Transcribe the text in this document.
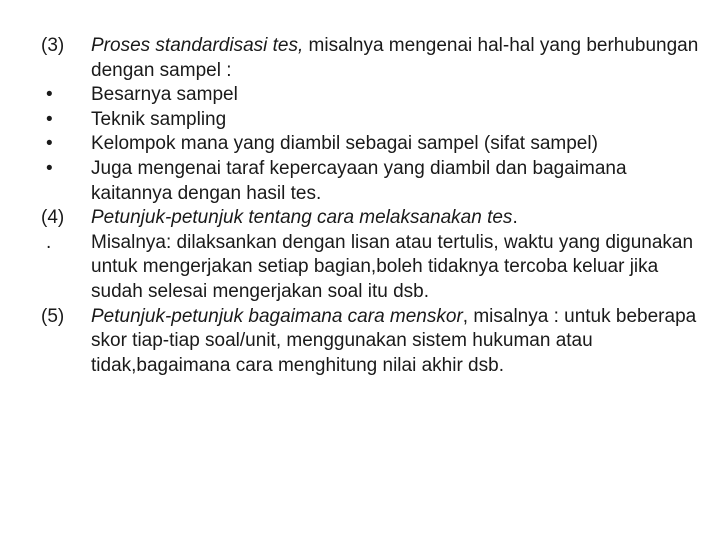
(3) Proses standardisasi tes, misalnya mengenai hal-hal yang berhubungan dengan sampel :
• Besarnya sampel
• Teknik sampling
• Kelompok mana yang diambil sebagai sampel (sifat sampel)
• Juga mengenai taraf kepercayaan yang diambil dan bagaimana kaitannya dengan hasil tes.
(4) Petunjuk-petunjuk tentang cara melaksanakan tes.
. Misalnya: dilaksankan dengan lisan atau tertulis, waktu yang digunakan untuk mengerjakan setiap bagian,boleh tidaknya tercoba keluar jika sudah selesai mengerjakan soal itu dsb.
(5) Petunjuk-petunjuk bagaimana cara menskor, misalnya : untuk beberapa skor tiap-tiap soal/unit, menggunakan sistem hukuman atau tidak,bagaimana cara menghitung nilai akhir dsb.
